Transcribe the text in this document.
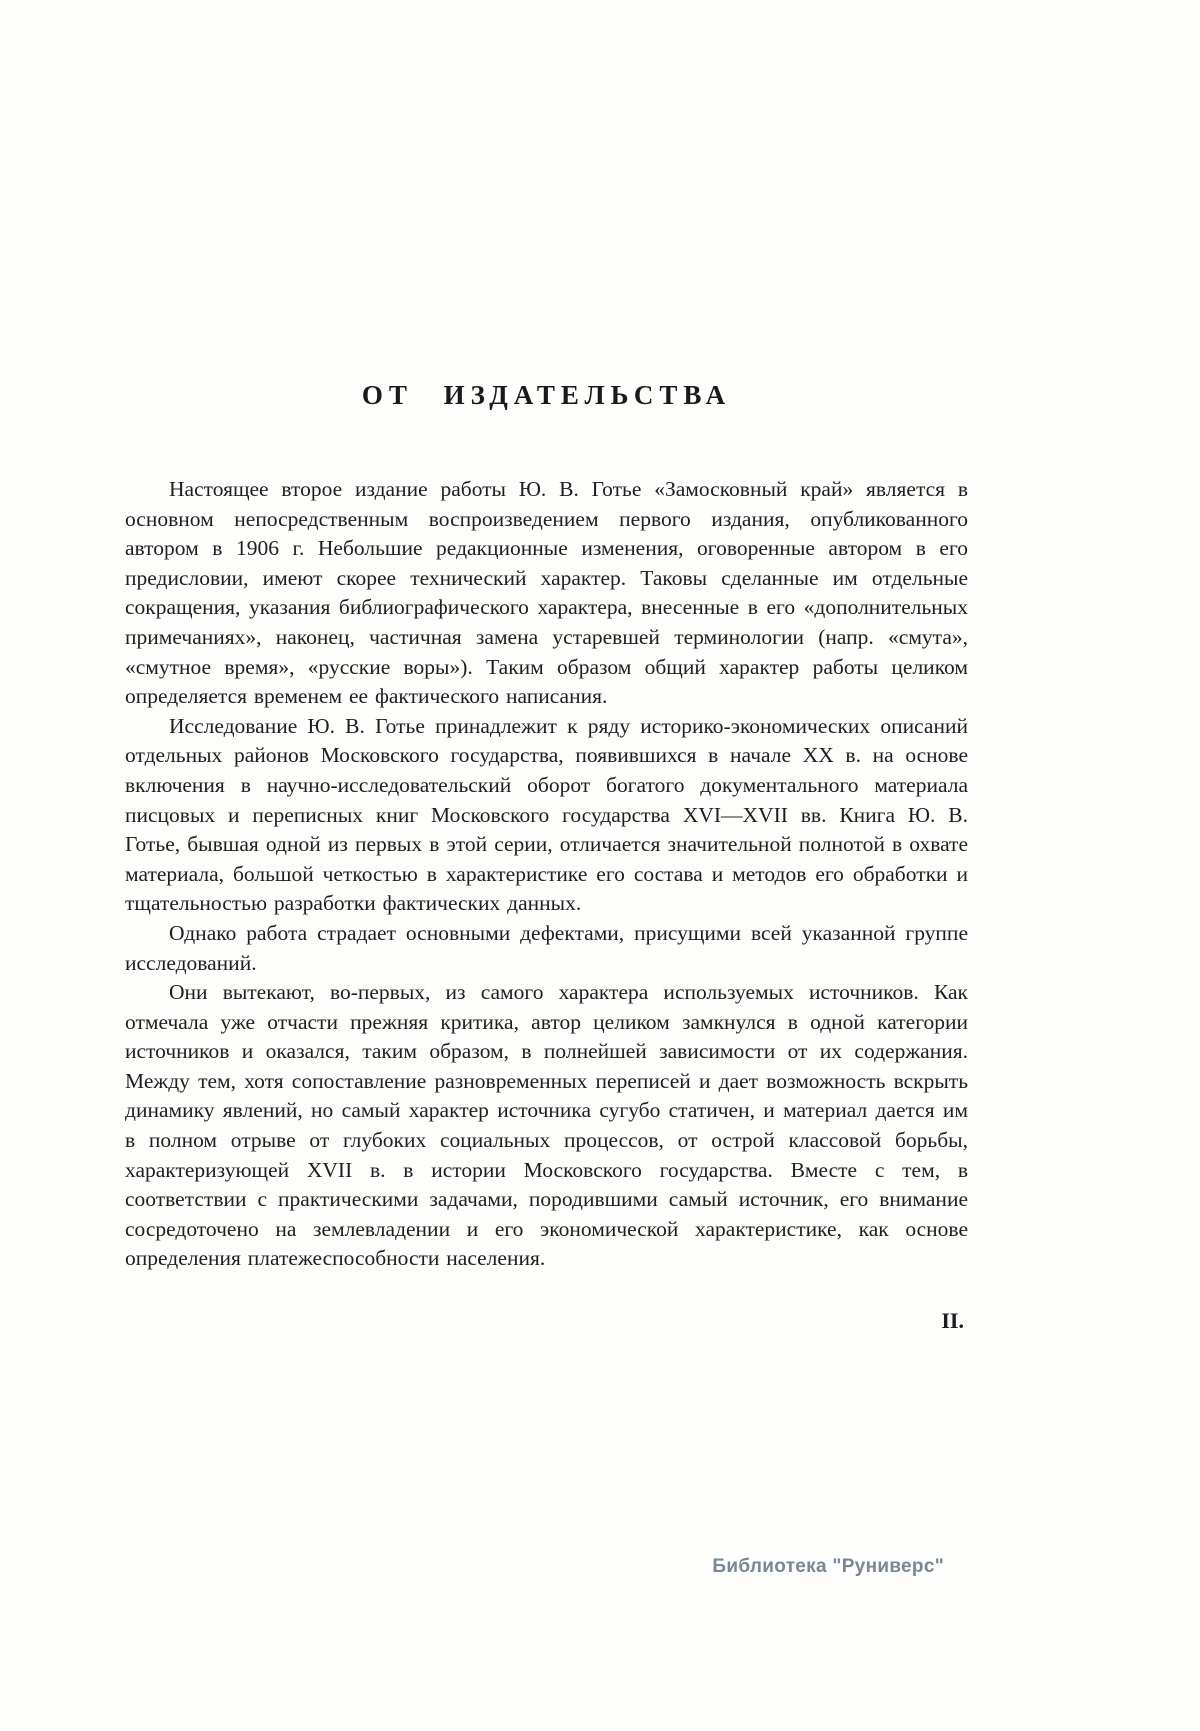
ОТ ИЗДАТЕЛЬСТВА

Настоящее второе издание работы Ю. В. Готье «Замосковный край» является в основном непосредственным воспроизведением первого издания, опубликованного автором в 1906 г. Небольшие редакционные изменения, оговоренные автором в его предисловии, имеют скорее технический характер. Таковы сделанные им отдельные сокращения, указания библиографического характера, внесенные в его «дополнительных примечаниях», наконец, частичная замена устаревшей терминологии (напр. «смута», «смутное время», «русские воры»). Таким образом общий характер работы целиком определяется временем ее фактического написания.

Исследование Ю. В. Готье принадлежит к ряду историко-экономических описаний отдельных районов Московского государства, появившихся в начале XX в. на основе включения в научно-исследовательский оборот богатого документального материала писцовых и переписных книг Московского государства XVI—XVII вв. Книга Ю. В. Готье, бывшая одной из первых в этой серии, отличается значительной полнотой в охвате материала, большой четкостью в характеристике его состава и методов его обработки и тщательностью разработки фактических данных.

Однако работа страдает основными дефектами, присущими всей указанной группе исследований.

Они вытекают, во-первых, из самого характера используемых источников. Как отмечала уже отчасти прежняя критика, автор целиком замкнулся в одной категории источников и оказался, таким образом, в полнейшей зависимости от их содержания. Между тем, хотя сопоставление разновременных переписей и дает возможность вскрыть динамику явлений, но самый характер источника сугубо статичен, и материал дается им в полном отрыве от глубоких социальных процессов, от острой классовой борьбы, характеризующей XVII в. в истории Московского государства. Вместе с тем, в соответствии с практическими задачами, породившими самый источник, его внимание сосредоточено на землевладении и его экономической характеристике, как основе определения платежеспособности населения.

II.
Библиотека "Руниверс"
